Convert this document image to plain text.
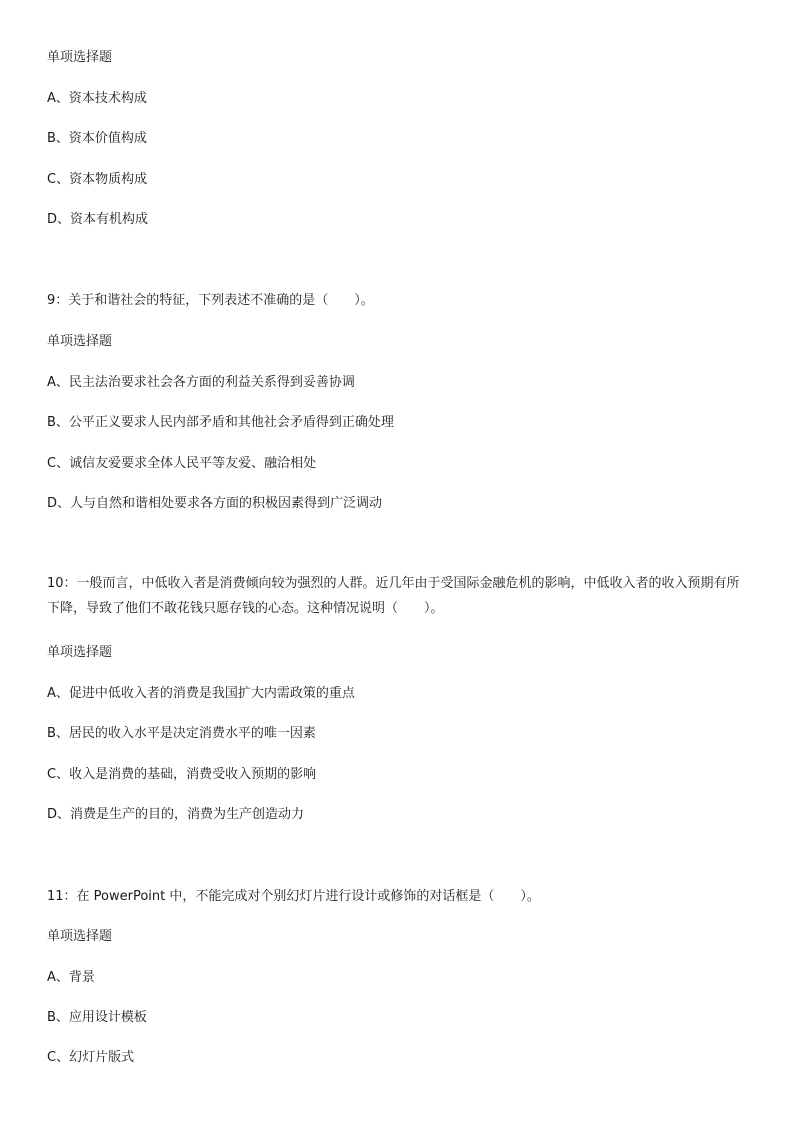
单项选择题
A、资本技术构成
B、资本价值构成
C、资本物质构成
D、资本有机构成
9：关于和谐社会的特征，下列表述不准确的是（　　）。
单项选择题
A、民主法治要求社会各方面的利益关系得到妥善协调
B、公平正义要求人民内部矛盾和其他社会矛盾得到正确处理
C、诚信友爱要求全体人民平等友爱、融洽相处
D、人与自然和谐相处要求各方面的积极因素得到广泛调动
10：一般而言，中低收入者是消费倾向较为强烈的人群。近几年由于受国际金融危机的影响，中低收入者的收入预期有所下降，导致了他们不敢花钱只愿存钱的心态。这种情况说明（　　）。
单项选择题
A、促进中低收入者的消费是我国扩大内需政策的重点
B、居民的收入水平是决定消费水平的唯一因素
C、收入是消费的基础，消费受收入预期的影响
D、消费是生产的目的，消费为生产创造动力
11：在 PowerPoint 中，不能完成对个别幻灯片进行设计或修饰的对话框是（　　）。
单项选择题
A、背景
B、应用设计模板
C、幻灯片版式
